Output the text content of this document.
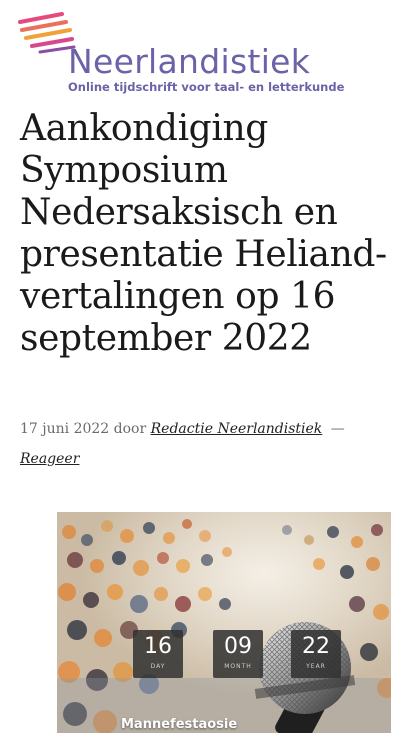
Neerlandistiek
Online tijdschrift voor taal- en letterkunde
Aankondiging Symposium Nedersaksisch en presentatie Heliand-vertalingen op 16 september 2022
17 juni 2022 door Redactie Neerlandistiek —
Reageer
16
DAY
09
MONTH
22
YEAR
Mannefestaosie
